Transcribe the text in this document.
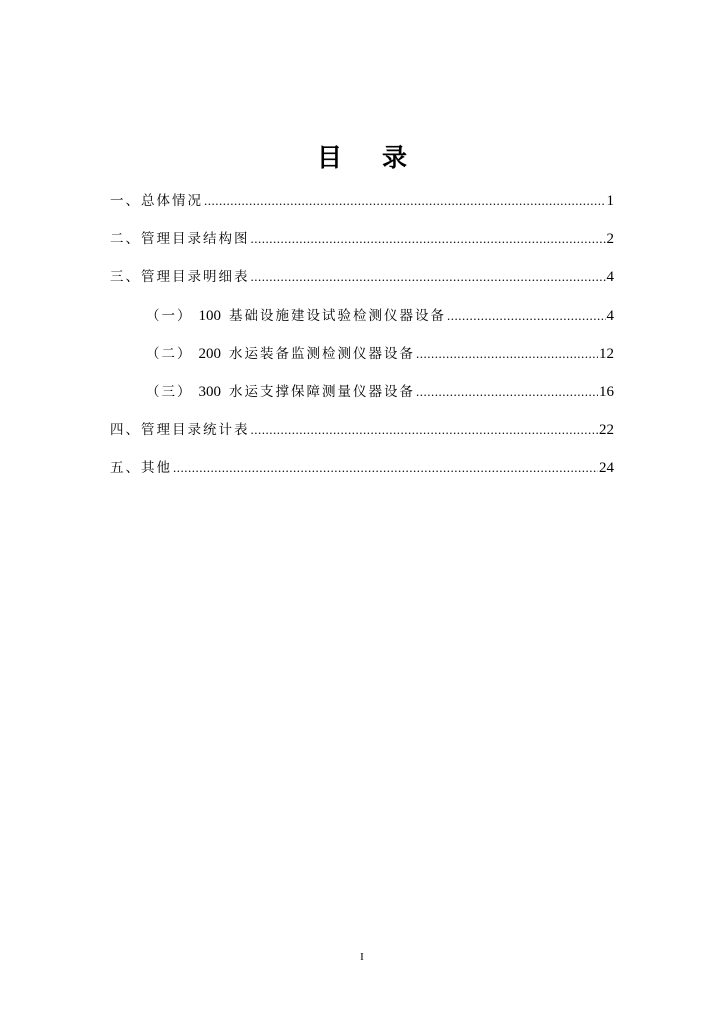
目 录
一、总体情况 .....	1
二、管理目录结构图 .....	2
三、管理目录明细表 .....	4
（一） 100 基础设施建设试验检测仪器设备 .....	4
（二） 200 水运装备监测检测仪器设备 .....	12
（三） 300 水运支撑保障测量仪器设备 .....	16
四、管理目录统计表 .....	22
五、其他 .....	24
I
